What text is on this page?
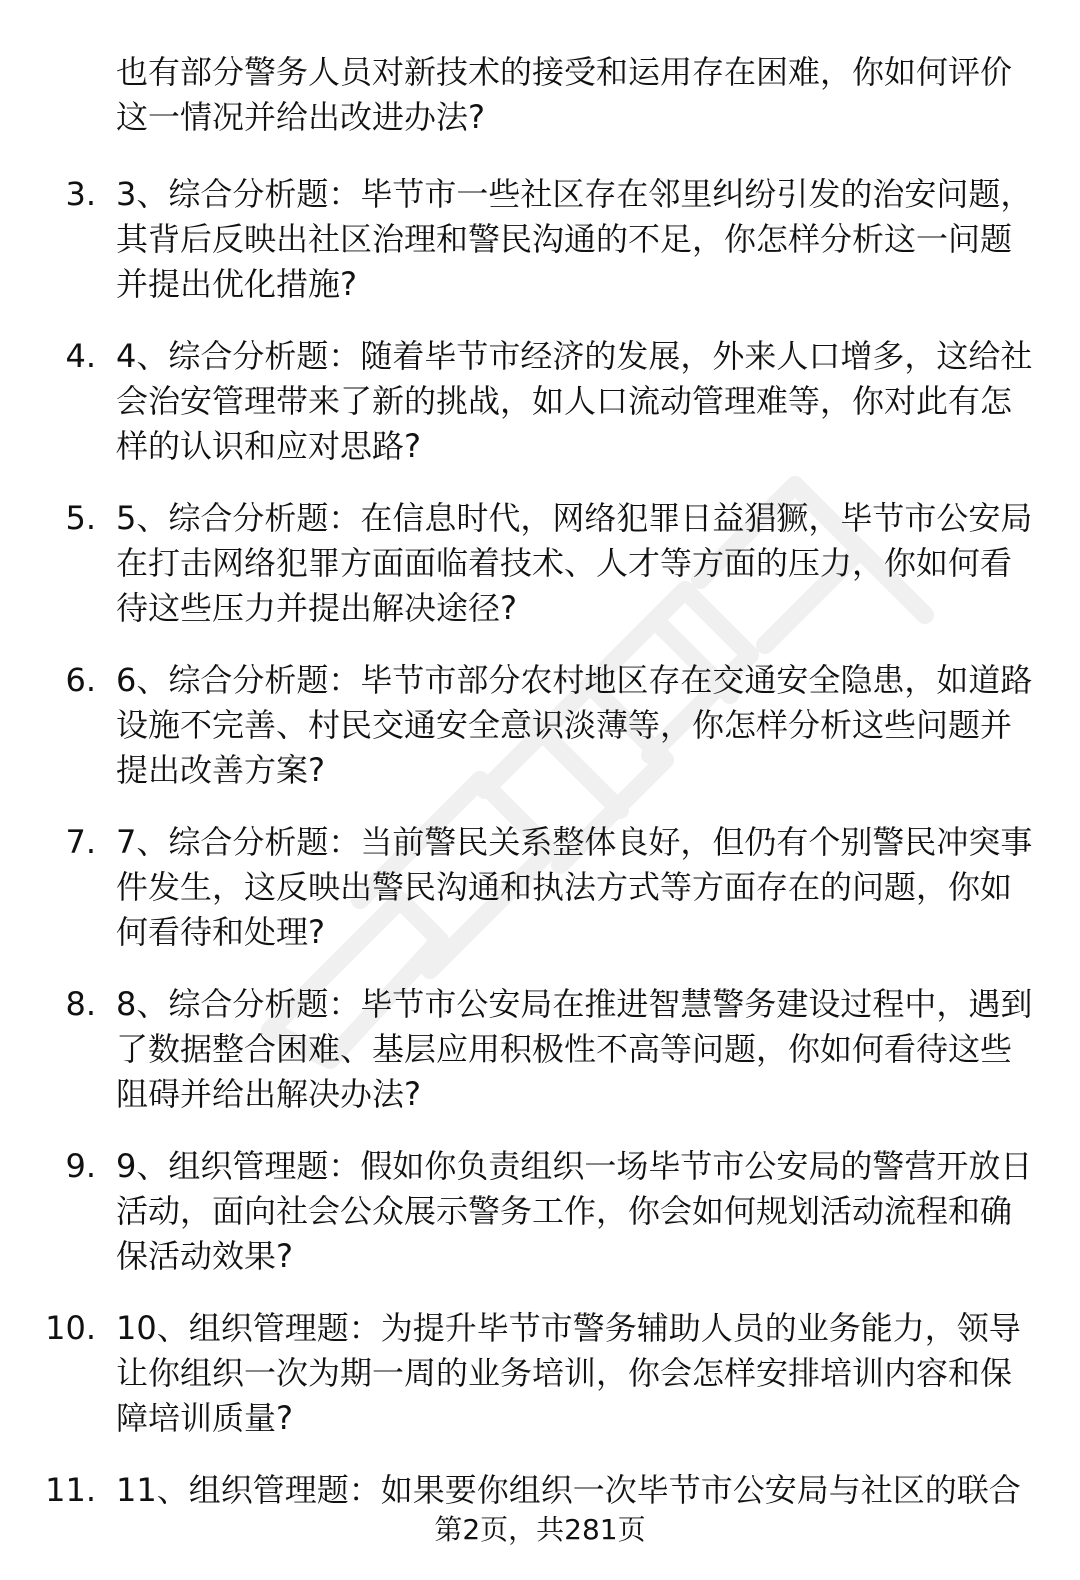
也有部分警务人员对新技术的接受和运用存在困难，你如何评价
这一情况并给出改进办法?
3. 3、综合分析题：毕节市一些社区存在邻里纠纷引发的治安问题，
其背后反映出社区治理和警民沟通的不足，你怎样分析这一问题
并提出优化措施?
4. 4、综合分析题：随着毕节市经济的发展，外来人口增多，这给社
会治安管理带来了新的挑战，如人口流动管理难等，你对此有怎
样的认识和应对思路?
5. 5、综合分析题：在信息时代，网络犯罪日益猖獗，毕节市公安局
在打击网络犯罪方面面临着技术、人才等方面的压力，你如何看
待这些压力并提出解决途径?
6. 6、综合分析题：毕节市部分农村地区存在交通安全隐患，如道路
设施不完善、村民交通安全意识淡薄等，你怎样分析这些问题并
提出改善方案?
7. 7、综合分析题：当前警民关系整体良好，但仍有个别警民冲突事
件发生，这反映出警民沟通和执法方式等方面存在的问题，你如
何看待和处理?
8. 8、综合分析题：毕节市公安局在推进智慧警务建设过程中，遇到
了数据整合困难、基层应用积极性不高等问题，你如何看待这些
阻碍并给出解决办法?
9. 9、组织管理题：假如你负责组织一场毕节市公安局的警营开放日
活动，面向社会公众展示警务工作，你会如何规划活动流程和确
保活动效果?
10. 10、组织管理题：为提升毕节市警务辅助人员的业务能力，领导
让你组织一次为期一周的业务培训，你会怎样安排培训内容和保
障培训质量?
11. 11、组织管理题：如果要你组织一次毕节市公安局与社区的联合
第2页，共281页
